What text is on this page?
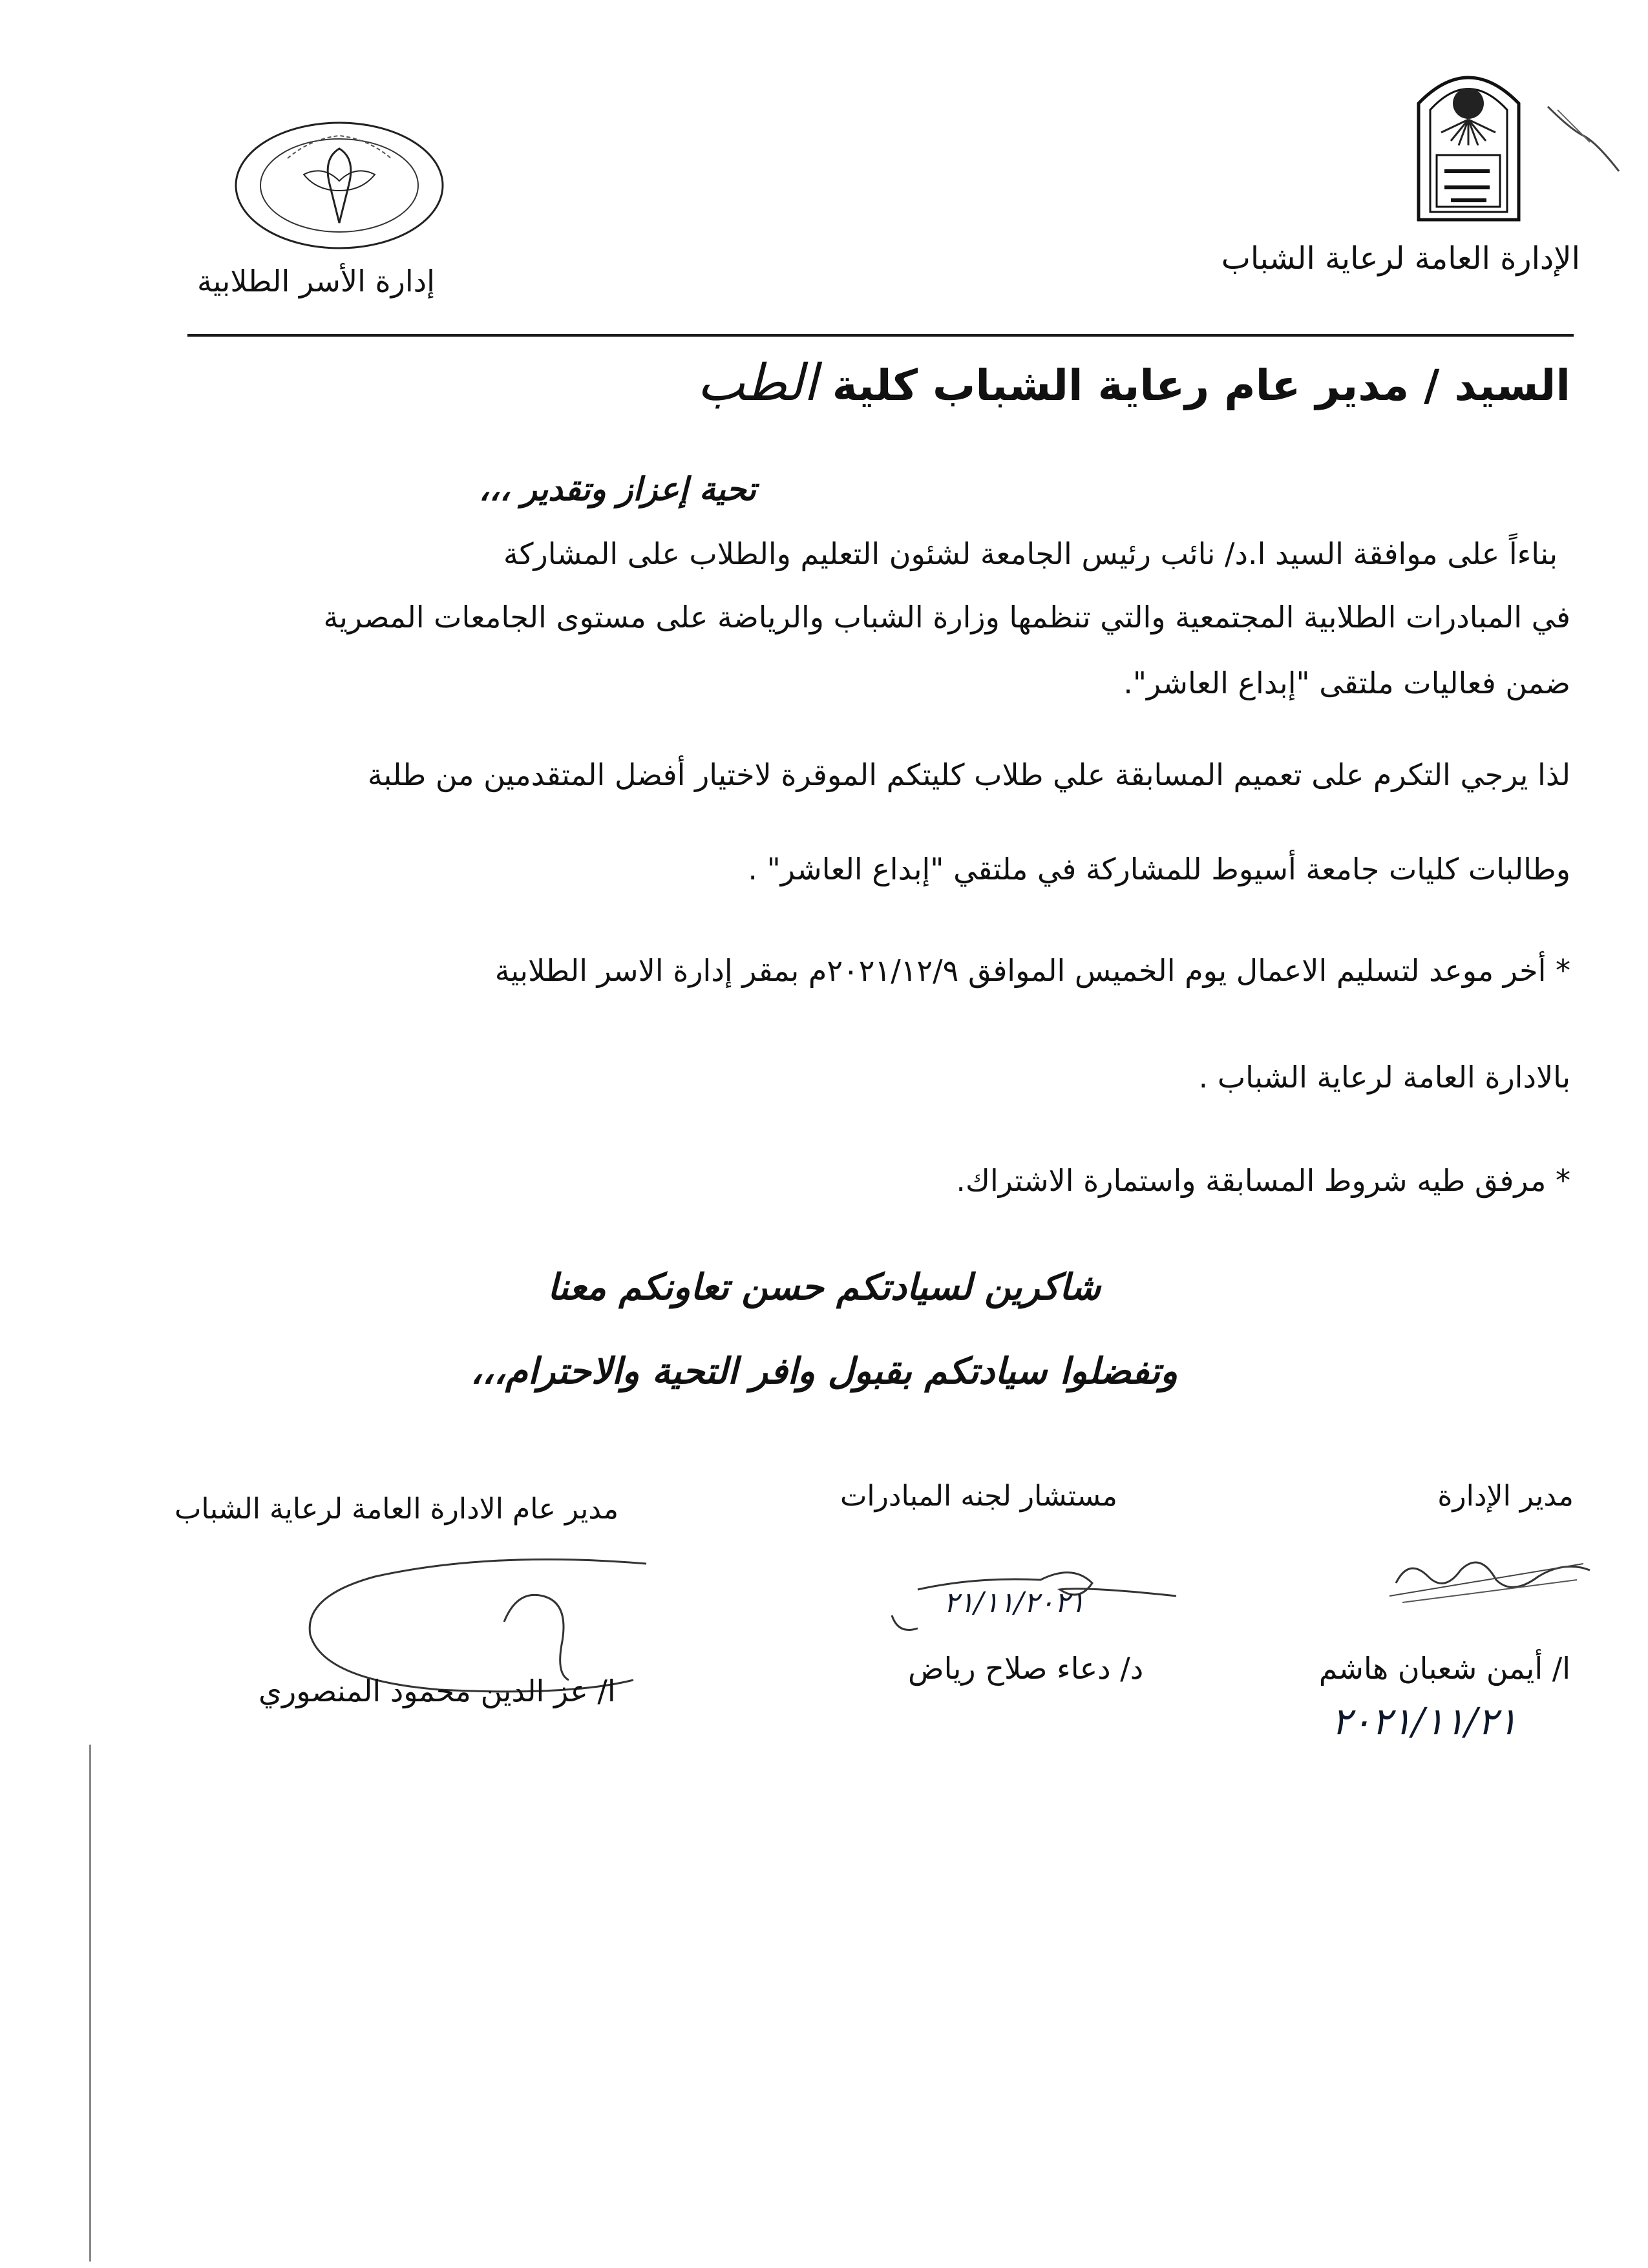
الإدارة العامة لرعاية الشباب
إدارة الأسر الطلابية
السيد / مدير عام رعاية الشباب كلية الطب
تحية إعزاز وتقدير ،،،
بناءاً على موافقة السيد ا.د/ نائب رئيس الجامعة لشئون التعليم والطلاب على المشاركة
في المبادرات الطلابية المجتمعية والتي تنظمها وزارة الشباب والرياضة على مستوى الجامعات المصرية
ضمن فعاليات ملتقى "إبداع العاشر".
لذا يرجي التكرم على تعميم المسابقة علي طلاب كليتكم الموقرة لاختيار أفضل المتقدمين من طلبة
وطالبات كليات جامعة أسيوط للمشاركة في ملتقي "إبداع العاشر" .
* أخر موعد لتسليم الاعمال يوم الخميس الموافق ٢٠٢١/١٢/٩م بمقر إدارة الاسر الطلابية
بالادارة العامة لرعاية الشباب .
* مرفق طيه شروط المسابقة واستمارة الاشتراك.
شاكرين لسيادتكم حسن تعاونكم معنا
وتفضلوا سيادتكم بقبول وافر التحية والاحترام،،،
مدير الإدارة
ا/ أيمن شعبان هاشم
٢٠٢١/١١/٢١
مستشار لجنه المبادرات
٢١/١١/٢٠٢١
د/ دعاء صلاح رياض
مدير عام الادارة العامة لرعاية الشباب
ا/ عز الدين محمود المنصوري
